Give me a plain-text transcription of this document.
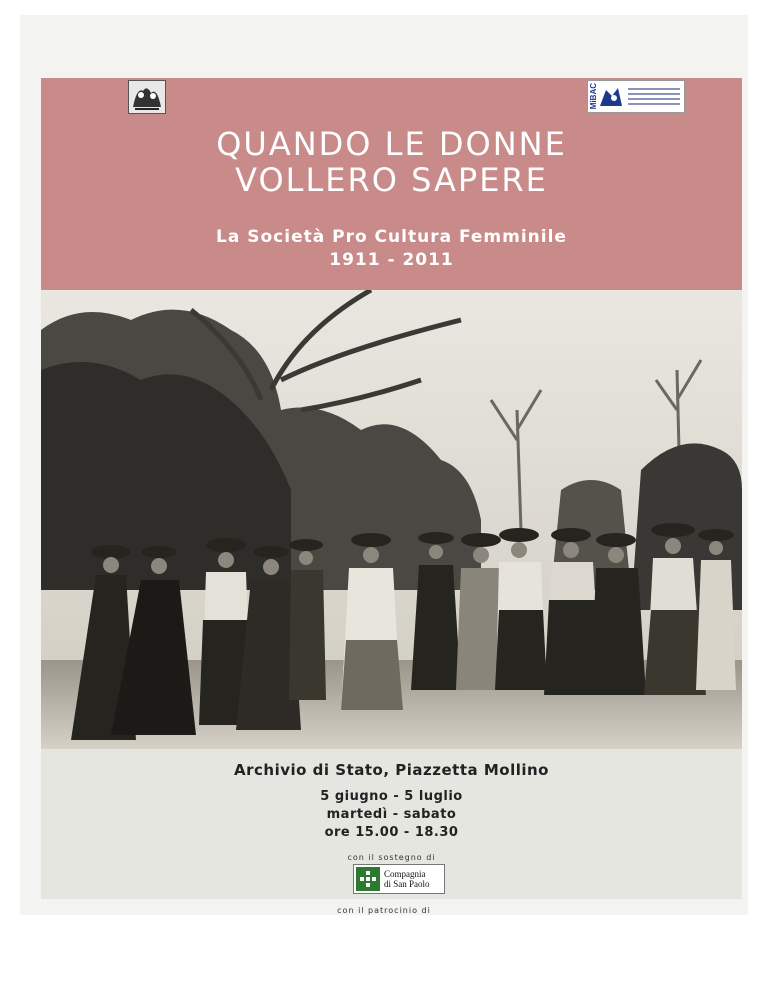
MiBAC
QUANDO LE DONNE
VOLLERO SAPERE
La Società Pro Cultura Femminile
1911 - 2011
Archivio di Stato, Piazzetta Mollino
5 giugno - 5 luglio
martedì - sabato
ore 15.00 - 18.30
con il sostegno di
Compagnia
di San Paolo
con il patrocinio di
